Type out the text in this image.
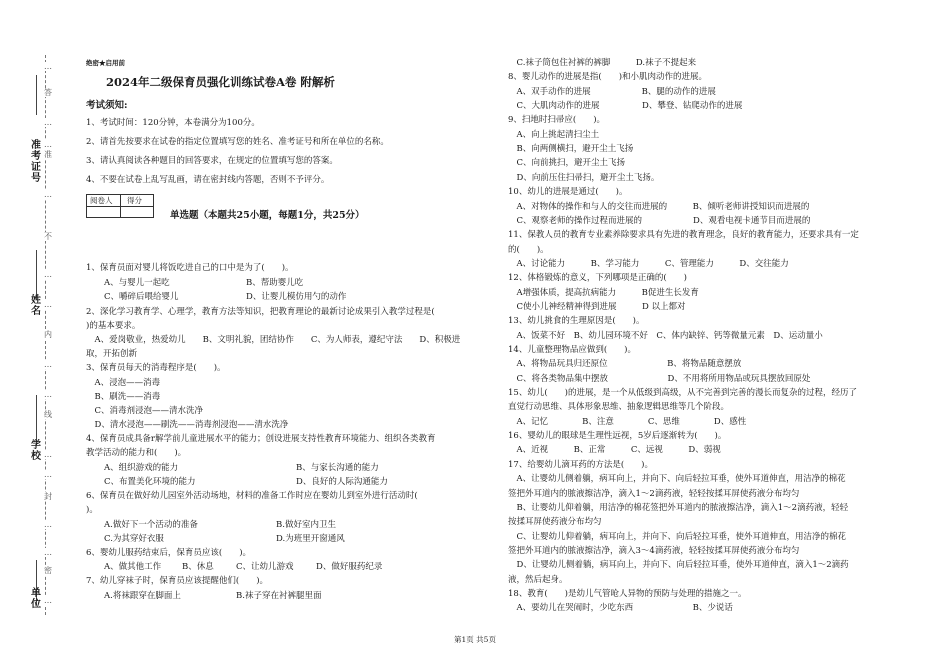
准
考
证
号
姓
名
学
校
单
位
…
答
…
…
准
…
不
…
…
内
…
…
线
…
…
封
…
…
密
…
绝密★启用前
2024年二级保育员强化训练试卷A卷 附解析
考试须知:
1、考试时间：120分钟，本卷满分为100分。
2、请首先按要求在试卷的指定位置填写您的姓名、准考证号和所在单位的名称。
3、请认真阅读各种题目的回答要求，在规定的位置填写您的答案。
4、不要在试卷上乱写乱画，请在密封线内答题，否则不予评分。
单选题（本题共25小题，每题1分，共25分）
1、保育员面对婴儿将饭吃进自己的口中是为了(　　)。
A、与婴儿一起吃	B、帮助婴儿吃
C、嚼碎后喂给婴儿	D、让婴儿模仿用勺的动作
2、深化学习教育学、心理学，教育方法等知识，把教育理论的最新讨论成果引入教学过程是(
)的基本要求。
　A、爱岗敬业，热爱幼儿　　B、文明礼貌，团结协作　　C、为人师表，遵纪守法　　D、积极进
取，开拓创新
3、保育员每天的消毒程序是(　　)。
　A、浸泡——消毒
　B、刷洗——消毒
　C、消毒剂浸泡——清水洗净
　D、清水浸泡——刷洗——消毒剂浸泡——清水洗净
4、保育员成具备r解学前儿童进展水平的能力；创设进展支持性教育环境能力、组织各类教育
教学活动的能力和(　　)。
A、组织游戏的能力	B、与家长沟通的能力
C、布置美化环境的能力	D、良好的人际沟通能力
6、保育员在做好幼儿园室外活动场地，材料的准备工作时应在婴幼儿到室外进行活动时(
)。
A.做好下一个活动的准备	B.做好室内卫生
C.为其穿好衣服	D.为班里开窗通风
6、婴幼儿服药结束后，保育员应该(　　)。
A、做其他工作 B、休息	C、让幼儿游戏	D、做好服药纪录
7、幼儿穿袜子时，保育员应该提醒他们(　　)。
A.将袜跟穿在脚面上	B.袜子穿在衬裤腿里面
阅卷人 得分
　C.袜子筒包住衬裤的裤脚　　　D.袜子不提起来
8、婴儿动作的进展是指(　　)和小肌肉动作的进展。
　A、双手动作的进展　　　　　　B、腿的动作的进展
　C、大肌肉动作的进展　　　　　D、攀登、钻爬动作的进展
9、扫地时扫帚应(　　)。
　A、向上挑起清扫尘土
　B、向两侧横扫，避开尘土飞扬
　C、向前挑扫，避开尘土飞扬
　D、向前压住扫帚扫，避开尘土飞扬。
10、幼儿的进展是通过(　　)。
　A、对物体的操作和与人的交往而进展的　　　B、倾听老师讲授知识而进展的
　C、观察老师的操作过程而进展的　　　　　　D、观看电视卡通节目而进展的
11、保教人员的教育专业素养除要求具有先进的教育理念，良好的教育能力，还要求具有一定
的(　　)。
　A、讨论能力　　　B、学习能力　　　C、管理能力　　　D、交往能力
12、体格锻炼的意义，下列哪项是正确的(　　)
　A增强体质，提高抗病能力　　　B促进生长发育
　C使小儿神经精神得到进展　　　D 以上都对
13、幼儿挑食的生理原因是(　　)。
　A、饭菜不好　B、幼儿园环境不好　C、体内缺锌、钙等微量元素　D、运动量小
14、儿童整理物品应做到(　　)。
　A、将物品玩具归还原位　　　　　　　B、将物品随意摆放
　C、将各类物品集中摆放　　　　　　　D、不用将所用物品或玩具摆放回原处
15、幼儿(　　)的进展，是一个从低级到高级，从不完善到完善的漫长而复杂的过程，经历了
直觉行动思维、具体形象思维、抽象逻辑思维等几个阶段。
　A、记忆　　　　B、注意　　　　C、思维　　　　D、感性
16、婴幼儿的眼球是生理性远视，5岁后逐渐转为(　　)。
　A、近视　　　B、正常　　　C、远视　　　D、弱视
17、给婴幼儿滴耳药的方法是(　　)。
　A、让婴幼儿侧着躺，病耳向上，并向下、向后轻拉耳垂，使外耳道伸直，用洁净的棉花
签把外耳道内的脓液擦洁净，滴入1～2滴药液，轻轻按揉耳屏使药液分布均匀
　B、让婴幼儿仰着躺，用洁净的棉花签把外耳道内的脓液擦洁净，滴入1～2滴药液，轻轻
按揉耳屏使药液分布均匀
　C、让婴幼儿仰着躺，病耳向上，并向下、向后轻拉耳垂，使外耳道伸直，用洁净的棉花
签把外耳道内的脓液擦洁净，滴入3～4滴药液，轻轻按揉耳屏使药液分布均匀
　D、让婴幼儿侧着躺，病耳向上，并向下、向后轻拉耳垂，使外耳道伸直，滴入1～2滴药
液，然后起身。
18、教育(　　)是幼儿气管呛人异物的预防与处理的措施之一。
　A、要幼儿在哭闹时，少吃东西　　　　　　　B、少说话
第1页 共5页
